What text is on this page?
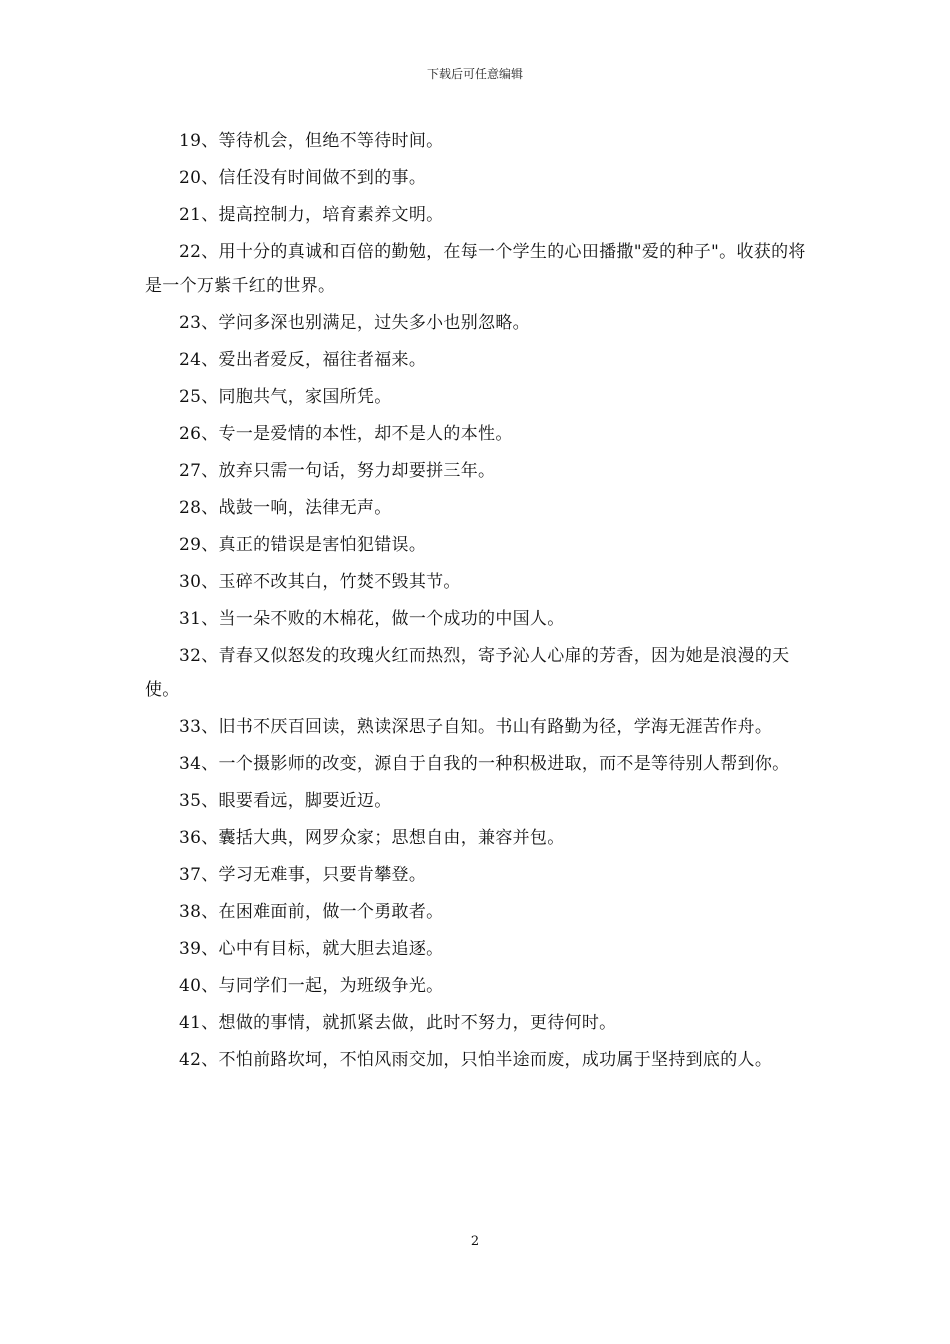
下载后可任意编辑

19、等待机会，但绝不等待时间。

20、信任没有时间做不到的事。

21、提高控制力，培育素养文明。

22、用十分的真诚和百倍的勤勉，在每一个学生的心田播撒"爱的种子"。收获的将是一个万紫千红的世界。

23、学问多深也别满足，过失多小也别忽略。

24、爱出者爱反，福往者福来。

25、同胞共气，家国所凭。

26、专一是爱情的本性，却不是人的本性。

27、放弃只需一句话，努力却要拼三年。

28、战鼓一响，法律无声。

29、真正的错误是害怕犯错误。

30、玉碎不改其白，竹焚不毁其节。

31、当一朵不败的木棉花，做一个成功的中国人。

32、青春又似怒发的玫瑰火红而热烈，寄予沁人心扉的芳香，因为她是浪漫的天使。

33、旧书不厌百回读，熟读深思子自知。书山有路勤为径，学海无涯苦作舟。

34、一个摄影师的改变，源自于自我的一种积极进取，而不是等待别人帮到你。

35、眼要看远，脚要近迈。

36、囊括大典，网罗众家；思想自由，兼容并包。

37、学习无难事，只要肯攀登。

38、在困难面前，做一个勇敢者。

39、心中有目标，就大胆去追逐。

40、与同学们一起，为班级争光。

41、想做的事情，就抓紧去做，此时不努力，更待何时。

42、不怕前路坎坷，不怕风雨交加，只怕半途而废，成功属于坚持到底的人。

2
